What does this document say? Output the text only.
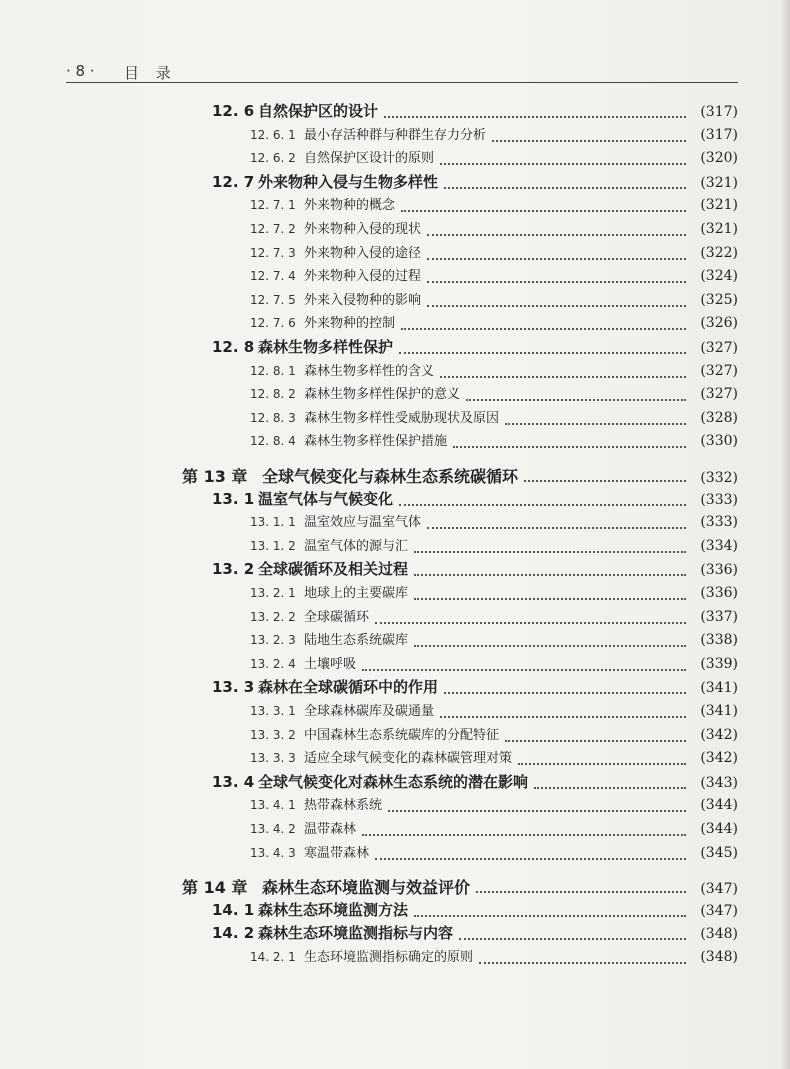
· 8 · 目 录
12. 6 自然保护区的设计	(317)
12. 6. 1 最小存活种群与种群生存力分析	(317)
12. 6. 2 自然保护区设计的原则	(320)
12. 7 外来物种入侵与生物多样性	(321)
12. 7. 1 外来物种的概念	(321)
12. 7. 2 外来物种入侵的现状	(321)
12. 7. 3 外来物种入侵的途径	(322)
12. 7. 4 外来物种入侵的过程	(324)
12. 7. 5 外来入侵物种的影响	(325)
12. 7. 6 外来物种的控制	(326)
12. 8 森林生物多样性保护	(327)
12. 8. 1 森林生物多样性的含义	(327)
12. 8. 2 森林生物多样性保护的意义	(327)
12. 8. 3 森林生物多样性受威胁现状及原因	(328)
12. 8. 4 森林生物多样性保护措施	(330)
第 13 章 全球气候变化与森林生态系统碳循环	(332)
13. 1 温室气体与气候变化	(333)
13. 1. 1 温室效应与温室气体	(333)
13. 1. 2 温室气体的源与汇	(334)
13. 2 全球碳循环及相关过程	(336)
13. 2. 1 地球上的主要碳库	(336)
13. 2. 2 全球碳循环	(337)
13. 2. 3 陆地生态系统碳库	(338)
13. 2. 4 土壤呼吸	(339)
13. 3 森林在全球碳循环中的作用	(341)
13. 3. 1 全球森林碳库及碳通量	(341)
13. 3. 2 中国森林生态系统碳库的分配特征	(342)
13. 3. 3 适应全球气候变化的森林碳管理对策	(342)
13. 4 全球气候变化对森林生态系统的潜在影响	(343)
13. 4. 1 热带森林系统	(344)
13. 4. 2 温带森林	(344)
13. 4. 3 寒温带森林	(345)
第 14 章 森林生态环境监测与效益评价	(347)
14. 1 森林生态环境监测方法	(347)
14. 2 森林生态环境监测指标与内容	(348)
14. 2. 1 生态环境监测指标确定的原则	(348)
